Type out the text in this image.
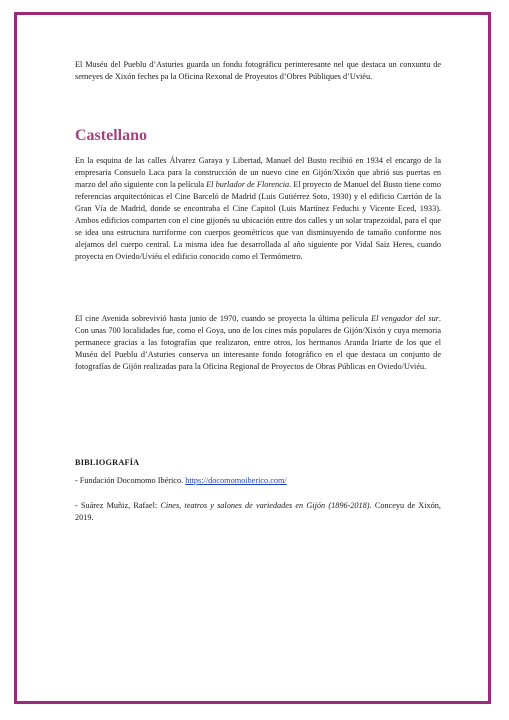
El Muséu del Pueblu d’Asturies guarda un fondu fotográficu perinteresante nel que destaca un conxuntu de semeyes de Xixón feches pa la Oficina Rexonal de Proyeutos d’Obres Públiques d’Uviéu.

Castellano

En la esquina de las calles Álvarez Garaya y Libertad, Manuel del Busto recibió en 1934 el encargo de la empresaria Consuelo Laca para la construcción de un nuevo cine en Gijón/Xixón que abrió sus puertas en marzo del año siguiente con la película El burlador de Florencia. El proyecto de Manuel del Busto tiene como referencias arquitectónicas el Cine Barceló de Madrid (Luis Gutiérrez Soto, 1930) y el edificio Carrión de la Gran Vía de Madrid, donde se encontraba el Cine Capitol (Luis Martínez Feduchi y Vicente Eced, 1933). Ambos edificios comparten con el cine gijonés su ubicación entre dos calles y un solar trapezoidal, para el que se idea una estructura turriforme con cuerpos geométricos que van disminuyendo de tamaño conforme nos alejamos del cuerpo central. La misma idea fue desarrollada al año siguiente por Vidal Saiz Heres, cuando proyecta en Oviedo/Uviéu el edificio conocido como el Termómetro.

El cine Avenida sobrevivió hasta junio de 1970, cuando se proyecta la última película El vengador del sur. Con unas 700 localidades fue, como el Goya, uno de los cines más populares de Gijón/Xixón y cuya memoria permanece gracias a las fotografías que realizaron, entre otros, los hermanos Aranda Iriarte de los que el Muséu del Pueblu d’Asturies conserva un interesante fondo fotográfico en el que destaca un conjunto de fotografías de Gijón realizadas para la Oficina Regional de Proyectos de Obras Públicas en Oviedo/Uviéu.

BIBLIOGRAFÍA

- Fundación Docomomo Ibérico. https://docomomoiberico.com/

- Suárez Muñiz, Rafael: Cines, teatros y salones de variedades en Gijón (1896-2018). Conceyu de Xixón, 2019.
